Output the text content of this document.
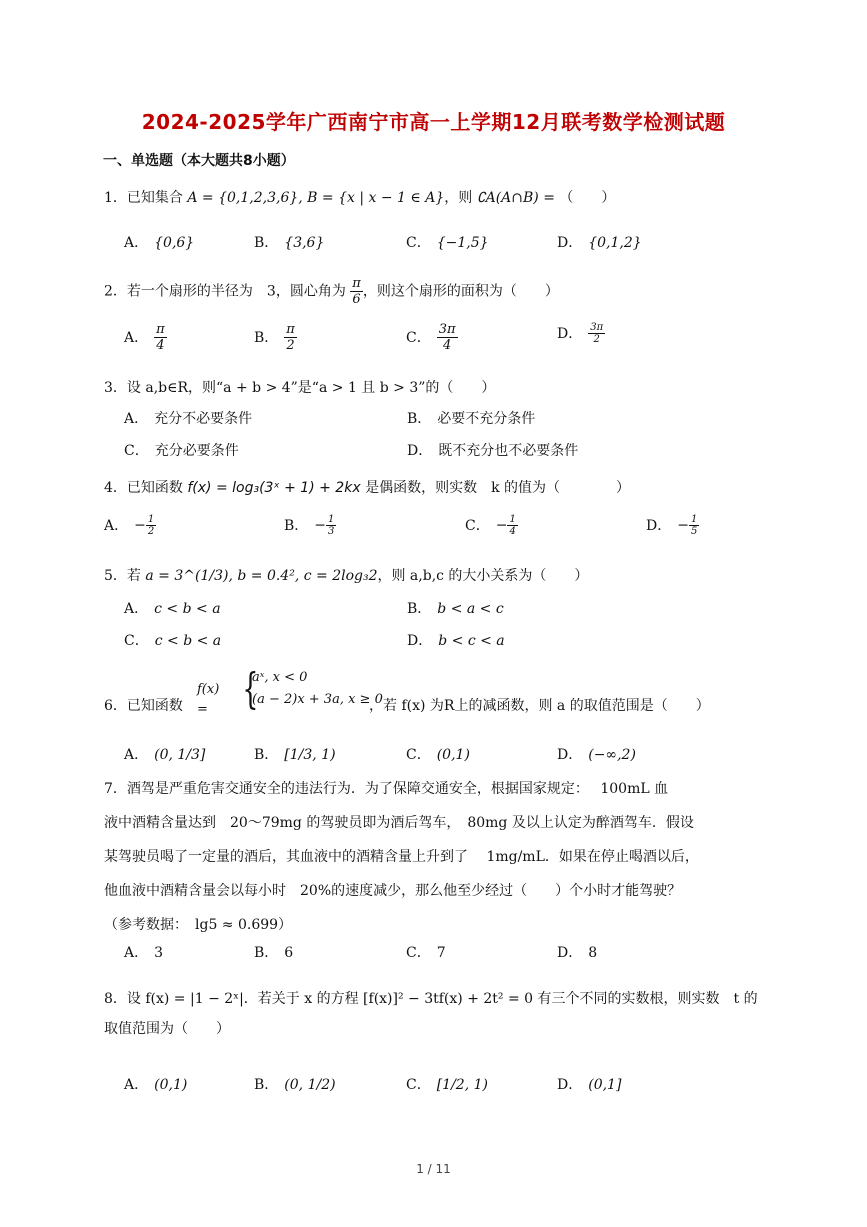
2024-2025学年广西南宁市高一上学期12月联考数学检测试题
一、单选题（本大题共8小题）
1．已知集合 A = {0,1,2,3,6}, B = {x | x − 1 ∈ A}，则 ∁A(A∩B) = （　　）
A． {0,6}	B． {3,6}	C． {−1,5}	D． {0,1,2}
2．若一个扇形的半径为　3，圆心角为 $\frac{\pi}{6}$ ，则这个扇形的面积为（　　）
A． $\frac{\pi}{4}$	B． $\frac{\pi}{2}$	C． $\frac{3\pi}{4}$	D． $\frac{3\pi}{2}$
3．设 a,b∈R，则“a + b > 4”是“a > 1 且 b > 3”的（　　）
A． 充分不必要条件	B． 必要不充分条件
C． 充分必要条件	D． 既不充分也不必要条件
4．已知函数 f(x) = log₃(3ˣ + 1) + 2kx 是偶函数，则实数　k 的值为（　　　　）
A． − $\frac{1}{2}$	B． − $\frac{1}{3}$	C． − $\frac{1}{4}$	D． − $\frac{1}{5}$
5．若 a = 3^(1/3), b = 0.4², c = 2log₃2，则 a,b,c 的大小关系为（　　）
A． c < b < a	B． b < a < c
C． c < b < a	D． b < c < a
6．已知函数
f(x) = {
aˣ, x < 0
(a − 2)x + 3a, x ≥ 0
，若 f(x) 为R上的减函数，则 a 的取值范围是（　　）
A． (0, 1/3]	B． [1/3, 1)	C． (0,1)	D． (−∞,2)
7．酒驾是严重危害交通安全的违法行为．为了保障交通安全，根据国家规定：　 100mL 血
液中酒精含量达到　20～79mg 的驾驶员即为酒后驾车，　80mg 及以上认定为醉酒驾车．假设
某驾驶员喝了一定量的酒后，其血液中的酒精含量上升到了　 1mg/mL．如果在停止喝酒以后，
他血液中酒精含量会以每小时　20%的速度减少，那么他至少经过（　　）个小时才能驾驶？
（参考数据：　lg5 ≈ 0.699）
A． 3	B． 6	C． 7	D． 8
8．设 f(x) = |1 − 2ˣ|．若关于 x 的方程 [f(x)]² − 3tf(x) + 2t² = 0 有三个不同的实数根，则实数　t 的
取值范围为（　　）
A． (0,1)	B． (0, 1/2)	C． [1/2, 1)	D． (0,1]
1 / 11
